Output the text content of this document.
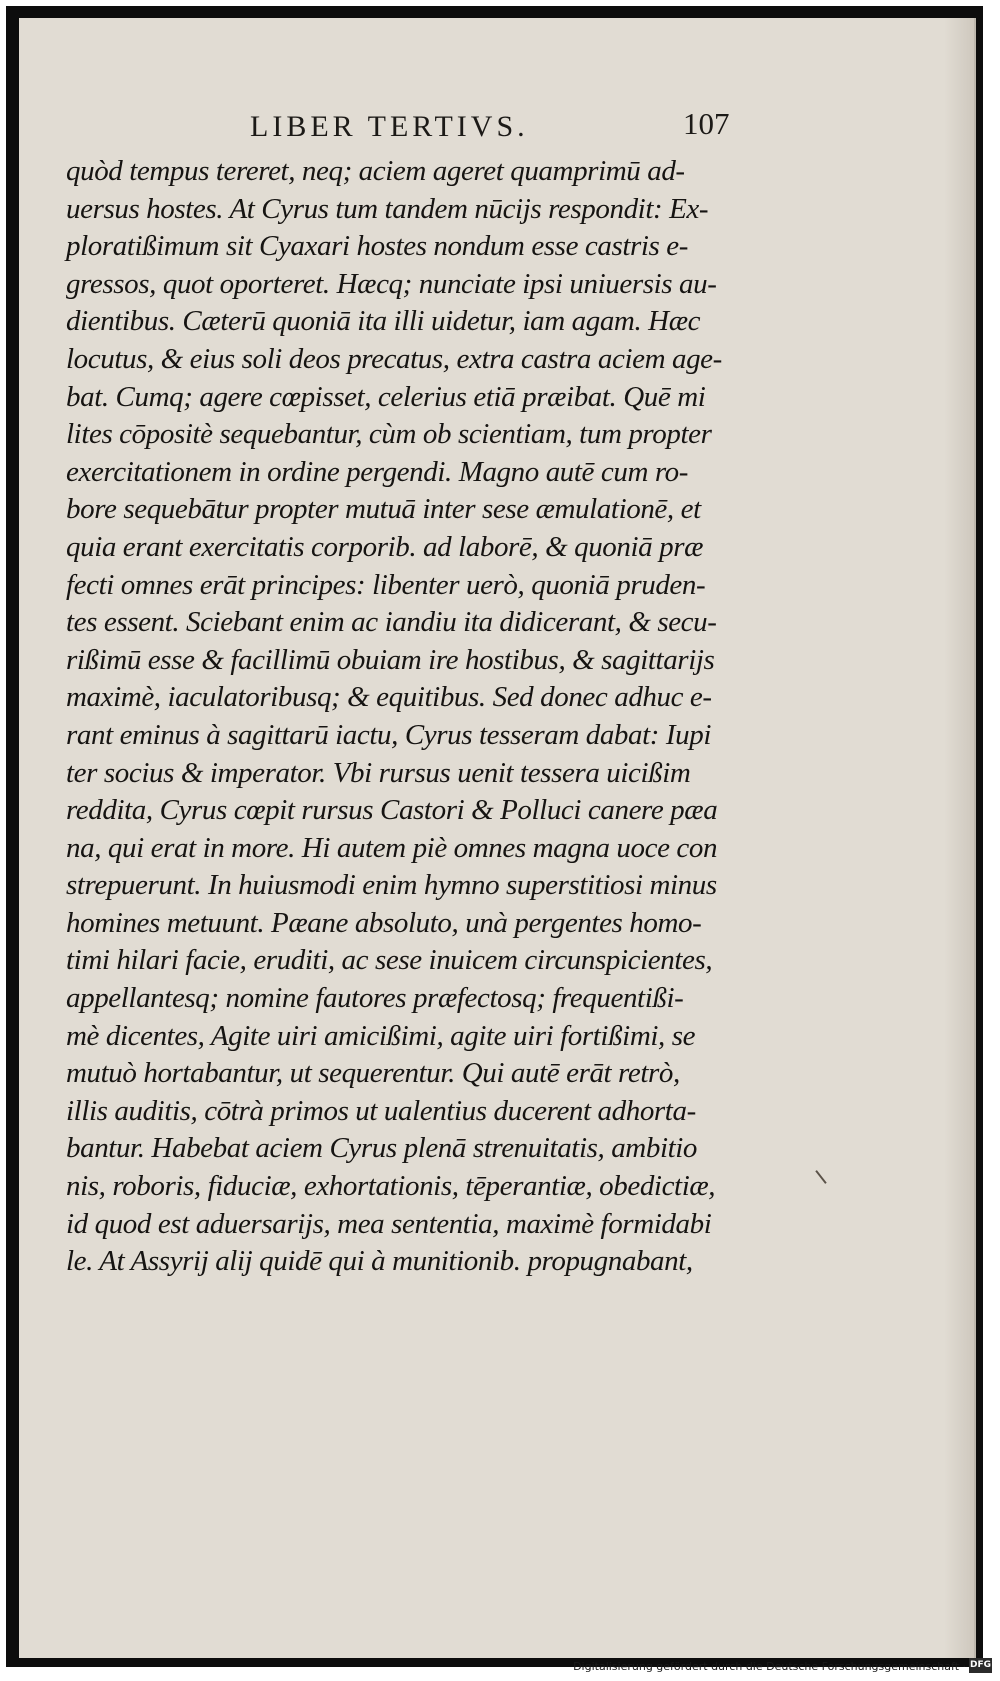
LIBER TERTIVS.	107
quòd tempus tereret, neq; aciem ageret quamprimū ad-
uersus hostes. At Cyrus tum tandem nūcijs respondit: Ex-
ploratißimum sit Cyaxari hostes nondum esse castris e-
gressos, quot oporteret. Hæcq; nunciate ipsi uniuersis au-
dientibus. Cæterū quoniā ita illi uidetur, iam agam. Hæc
locutus, & eius soli deos precatus, extra castra aciem age-
bat. Cumq; agere cœpisset, celerius etiā præibat. Quē mi
lites cōpositè sequebantur, cùm ob scientiam, tum propter
exercitationem in ordine pergendi. Magno autē cum ro-
bore sequebātur propter mutuā inter sese æmulationē, et
quia erant exercitatis corporib. ad laborē, & quoniā præ
fecti omnes erāt principes: libenter uerò, quoniā pruden-
tes essent. Sciebant enim ac iandiu ita didicerant, & secu-
rißimū esse & facillimū obuiam ire hostibus, & sagittarijs
maximè, iaculatoribusq; & equitibus. Sed donec adhuc e-
rant eminus à sagittarū iactu, Cyrus tesseram dabat: Iupi
ter socius & imperator. Vbi rursus uenit tessera uicißim
reddita, Cyrus cœpit rursus Castori & Polluci canere pæa
na, qui erat in more. Hi autem piè omnes magna uoce con
strepuerunt. In huiusmodi enim hymno superstitiosi minus
homines metuunt. Pæane absoluto, unà pergentes homo-
timi hilari facie, eruditi, ac sese inuicem circunspicientes,
appellantesq; nomine fautores præfectosq; frequentißi-
mè dicentes, Agite uiri amicißimi, agite uiri fortißimi, se
mutuò hortabantur, ut sequerentur. Qui autē erāt retrò,
illis auditis, cōtrà primos ut ualentius ducerent adhorta-
bantur. Habebat aciem Cyrus plenā strenuitatis, ambitio
nis, roboris, fiduciæ, exhortationis, tēperantiæ, obedictiæ,
id quod est aduersarijs, mea sententia, maximè formidabi
le. At Assyrij alij quidē qui à munitionib. propugnabant,
Digitalisierung gefördert durch die Deutsche Forschungsgemeinschaft · DFG
